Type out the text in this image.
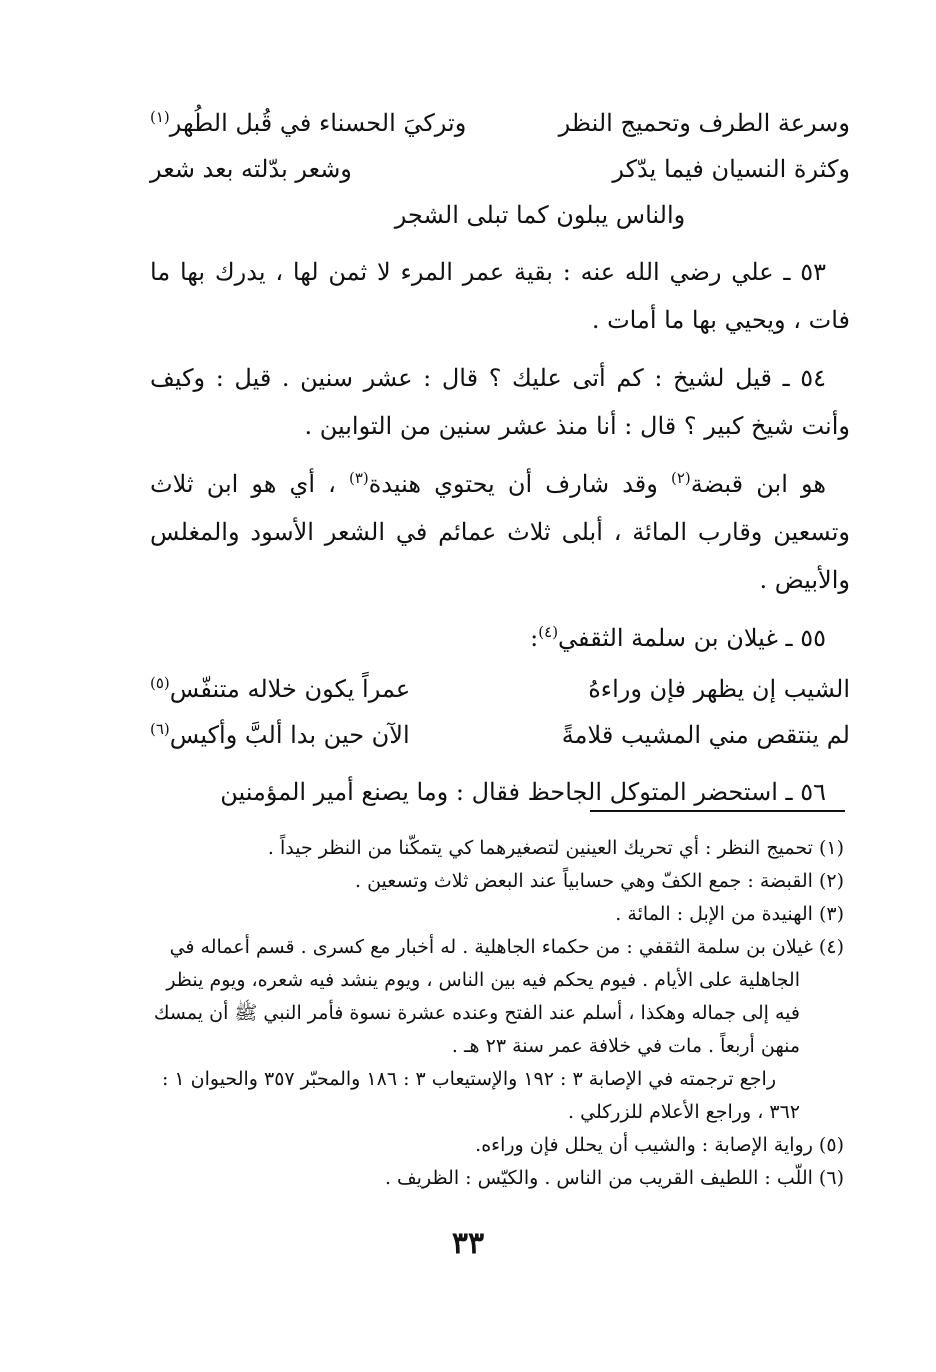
وسرعة الطرف وتحميج النظر
وتركيَ الحسناء في قُبل الطُهر$^{(١)}$
وكثرة النسيان فيما يدّكر
وشعر بدّلته بعد شعر
والناس يبلون كما تبلى الشجر

٥٣ ـ علي رضي الله عنه : بقية عمر المرء لا ثمن لها ، يدرك بها ما فات ، ويحيي بها ما أمات .

٥٤ ـ قيل لشيخ : كم أتى عليك ؟ قال : عشر سنين . قيل : وكيف وأنت شيخ كبير ؟ قال : أنا منذ عشر سنين من التوابين .

هو ابن قبضة$^{(٢)}$ وقد شارف أن يحتوي هنيدة$^{(٣)}$ ، أي هو ابن ثلاث وتسعين وقارب المائة ، أبلى ثلاث عمائم في الشعر الأسود والمغلس والأبيض .

٥٥ ـ غيلان بن سلمة الثقفي$^{(٤)}$:
الشيب إن يظهر فإن وراءهُ
عمراً يكون خلاله متنفّس$^{(٥)}$
لم ينتقص مني المشيب قلامةً
الآن حين بدا ألبَّ وأكيس$^{(٦)}$

٥٦ ـ استحضر المتوكل الجاحظ فقال : وما يصنع أمير المؤمنين

(١) تحميج النظر : أي تحريك العينين لتصغيرهما كي يتمكّنا من النظر جيداً .

(٢) القبضة : جمع الكفّ وهي حسابياً عند البعض ثلاث وتسعين .

(٣) الهنيدة من الإبل : المائة .

(٤) غيلان بن سلمة الثقفي : من حكماء الجاهلية . له أخبار مع كسرى . قسم أعماله في

الجاهلية على الأيام . فيوم يحكم فيه بين الناس ، ويوم ينشد فيه شعره، ويوم ينظر فيه إلى جماله وهكذا ، أسلم عند الفتح وعنده عشرة نسوة فأمر النبي ﷺ أن يمسك منهن أربعاً . مات في خلافة عمر سنة ٢٣ هـ .

راجع ترجمته في الإصابة ٣ : ١٩٢ والإستيعاب ٣ : ١٨٦ والمحبّر ٣٥٧ والحيوان ١ : ٣٦٢ ، وراجع الأعلام للزركلي .

(٥) رواية الإصابة : والشيب أن يحلل فإن وراءه.

(٦) اللّب : اللطيف القريب من الناس . والكيّس : الظريف .

٣٣
